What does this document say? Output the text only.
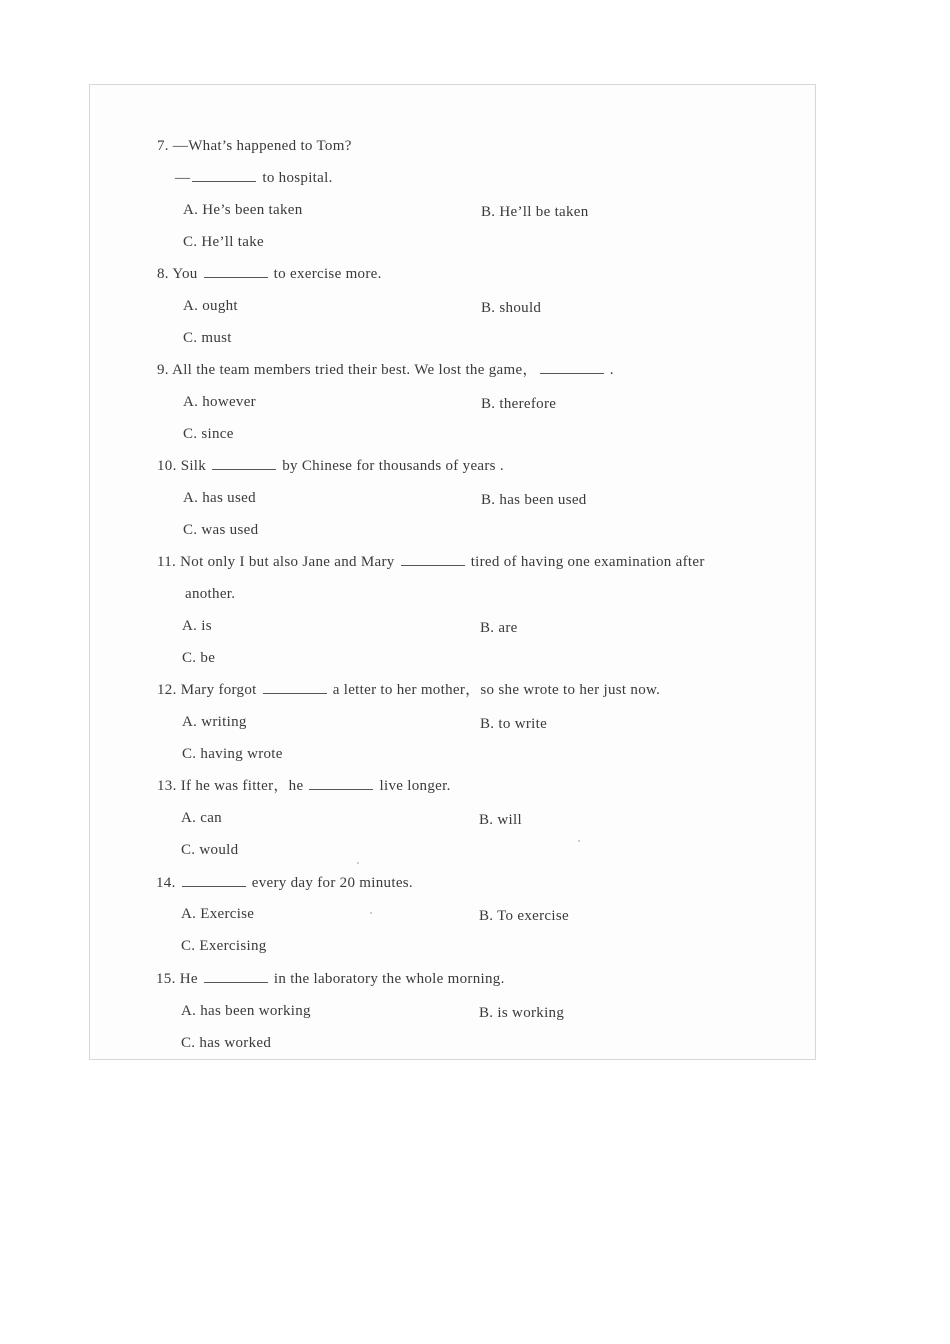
7. —What’s happened to Tom?
—	to hospital.
A. He’s been taken	B. He’ll be taken
C. He’ll take
8. You	to exercise more.
A. ought	B. should
C. must
9. All the team members tried their best. We lost the game，	.
A. however	B. therefore
C. since
10. Silk	by Chinese for thousands of years .
A. has used	B. has been used
C. was used
11. Not only I but also Jane and Mary	tired of having one examination after
another.
A. is	B. are
C. be
12. Mary forgot	a letter to her mother，so she wrote to her just now.
A. writing	B. to write
C. having wrote
13. If he was fitter，he	live longer.
A. can	B. will
C. would
14.	every day for 20 minutes.
A. Exercise	B. To exercise
C. Exercising
15. He	in the laboratory the whole morning.
A. has been working	B. is working
C. has worked
